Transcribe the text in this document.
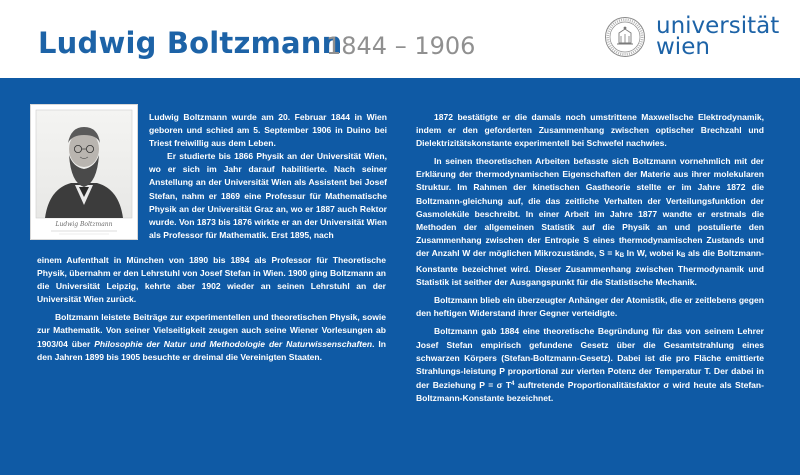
Ludwig Boltzmann
1844 – 1906
universität
wien
Ludwig Boltzmann

Ludwig Boltzmann wurde am 20. Februar 1844 in Wien geboren und schied am 5. September 1906 in Duino bei Triest freiwillig aus dem Leben.

Er studierte bis 1866 Physik an der Universität Wien, wo er sich im Jahr darauf habilitierte. Nach seiner Anstellung an der Universität Wien als Assistent bei Josef Stefan, nahm er 1869 eine Professur für Mathematische Physik an der Universität Graz an, wo er 1887 auch Rektor wurde. Von 1873 bis 1876 wirkte er an der Universität Wien als Professor für Mathematik. Erst 1895, nach

einem Aufenthalt in München von 1890 bis 1894 als Professor für Theoretische Physik, übernahm er den Lehrstuhl von Josef Stefan in Wien. 1900 ging Boltzmann an die Universität Leipzig, kehrte aber 1902 wieder an seinen Lehrstuhl an der Universität Wien zurück.

Boltzmann leistete Beiträge zur experimentellen und theoretischen Physik, sowie zur Mathematik. Von seiner Vielseitigkeit zeugen auch seine Wiener Vorlesungen ab 1903/04 über Philosophie der Natur und Methodologie der Naturwissenschaften. In den Jahren 1899 bis 1905 besuchte er dreimal die Vereinigten Staaten.

1872 bestätigte er die damals noch umstrittene Maxwellsche Elektrodynamik, indem er den geforderten Zusammenhang zwischen optischer Brechzahl und Dielektrizitätskonstante experimentell bei Schwefel nachwies.

In seinen theoretischen Arbeiten befasste sich Boltzmann vornehmlich mit der Erklärung der thermodynamischen Eigenschaften der Materie aus ihrer molekularen Struktur. Im Rahmen der kinetischen Gastheorie stellte er im Jahre 1872 die Boltzmann-gleichung auf, die das zeitliche Verhalten der Verteilungsfunktion der Gasmoleküle beschreibt. In einer Arbeit im Jahre 1877 wandte er erstmals die Methoden der allgemeinen Statistik auf die Physik an und postulierte den Zusammenhang zwischen der Entropie S eines thermodynamischen Zustands und der Anzahl W der möglichen Mikrozustände, S = kB ln W, wobei kB als die Boltzmann-Konstante bezeichnet wird. Dieser Zusammenhang zwischen Thermodynamik und Statistik ist seither der Ausgangspunkt für die Statistische Mechanik.

Boltzmann blieb ein überzeugter Anhänger der Atomistik, die er zeitlebens gegen den heftigen Widerstand ihrer Gegner verteidigte.

Boltzmann gab 1884 eine theoretische Begründung für das von seinem Lehrer Josef Stefan empirisch gefundene Gesetz über die Gesamtstrahlung eines schwarzen Körpers (Stefan-Boltzmann-Gesetz). Dabei ist die pro Fläche emittierte Strahlungs-leistung P proportional zur vierten Potenz der Temperatur T. Der dabei in der Beziehung P = σ $T^4$ auftretende Proportionalitätsfaktor σ wird heute als Stefan-Boltzmann-Konstante bezeichnet.
